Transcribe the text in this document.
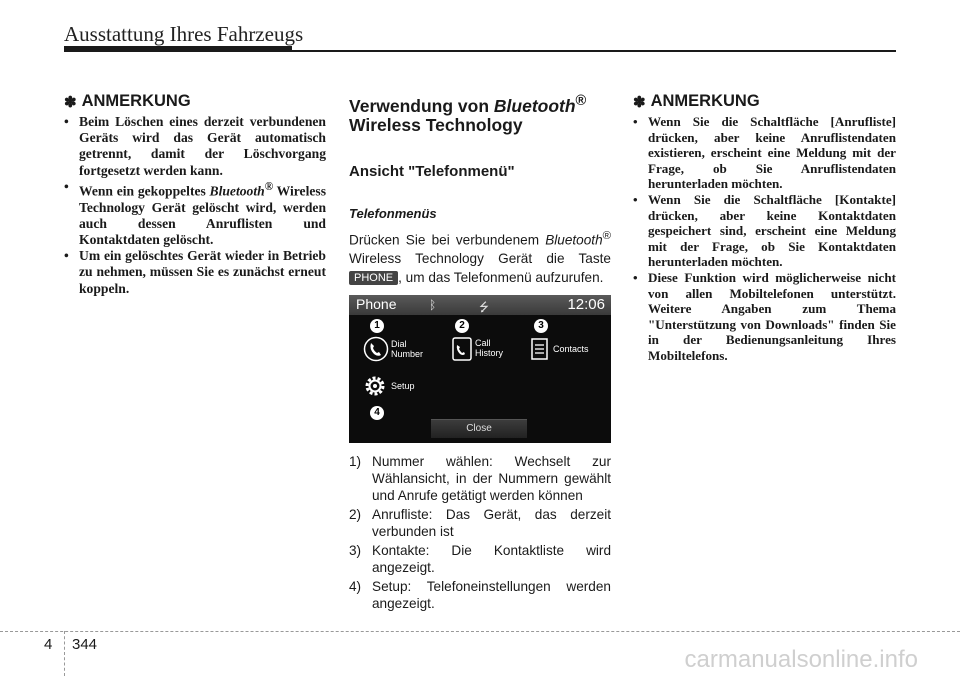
Ausstattung Ihres Fahrzeugs
✽ ANMERKUNG
• Beim Löschen eines derzeit verbundenen Geräts wird das Gerät automatisch getrennt, damit der Löschvorgang fortgesetzt werden kann.
• Wenn ein gekoppeltes Bluetooth® Wireless Technology Gerät gelöscht wird, werden auch dessen Anruflisten und Kontaktdaten gelöscht.
• Um ein gelöschtes Gerät wieder in Betrieb zu nehmen, müssen Sie es zunächst erneut koppeln.
Verwendung von Bluetooth®
Wireless Technology
Ansicht "Telefonmenü"
Telefonmenüs

Drücken Sie bei verbundenem Bluetooth® Wireless Technology Gerät die Taste PHONE , um das Telefonmenü aufzurufen.

Phone	ᛒ	⭍	12:06
1	2	3
4
Dial
Number
Call
History	Contacts
Setup
Close
1) Nummer wählen: Wechselt zur Wählansicht, in der Nummern gewählt und Anrufe getätigt werden können
2) Anrufliste: Das Gerät, das derzeit verbunden ist
3) Kontakte: Die Kontaktliste wird angezeigt.
4) Setup: Telefoneinstellungen werden angezeigt.
✽ ANMERKUNG
• Wenn Sie die Schaltfläche [Anrufliste] drücken, aber keine Anruflistendaten existieren, erscheint eine Meldung mit der Frage, ob Sie Anruflistendaten herunterladen möchten.
• Wenn Sie die Schaltfläche [Kontakte] drücken, aber keine Kontaktdaten gespeichert sind, erscheint eine Meldung mit der Frage, ob Sie Kontaktdaten herunterladen möchten.
• Diese Funktion wird möglicherweise nicht von allen Mobiltelefonen unterstützt. Weitere Angaben zum Thema "Unterstützung von Downloads" finden Sie in der Bedienungsanleitung Ihres Mobiltelefons.
4 344
carmanualsonline.info
